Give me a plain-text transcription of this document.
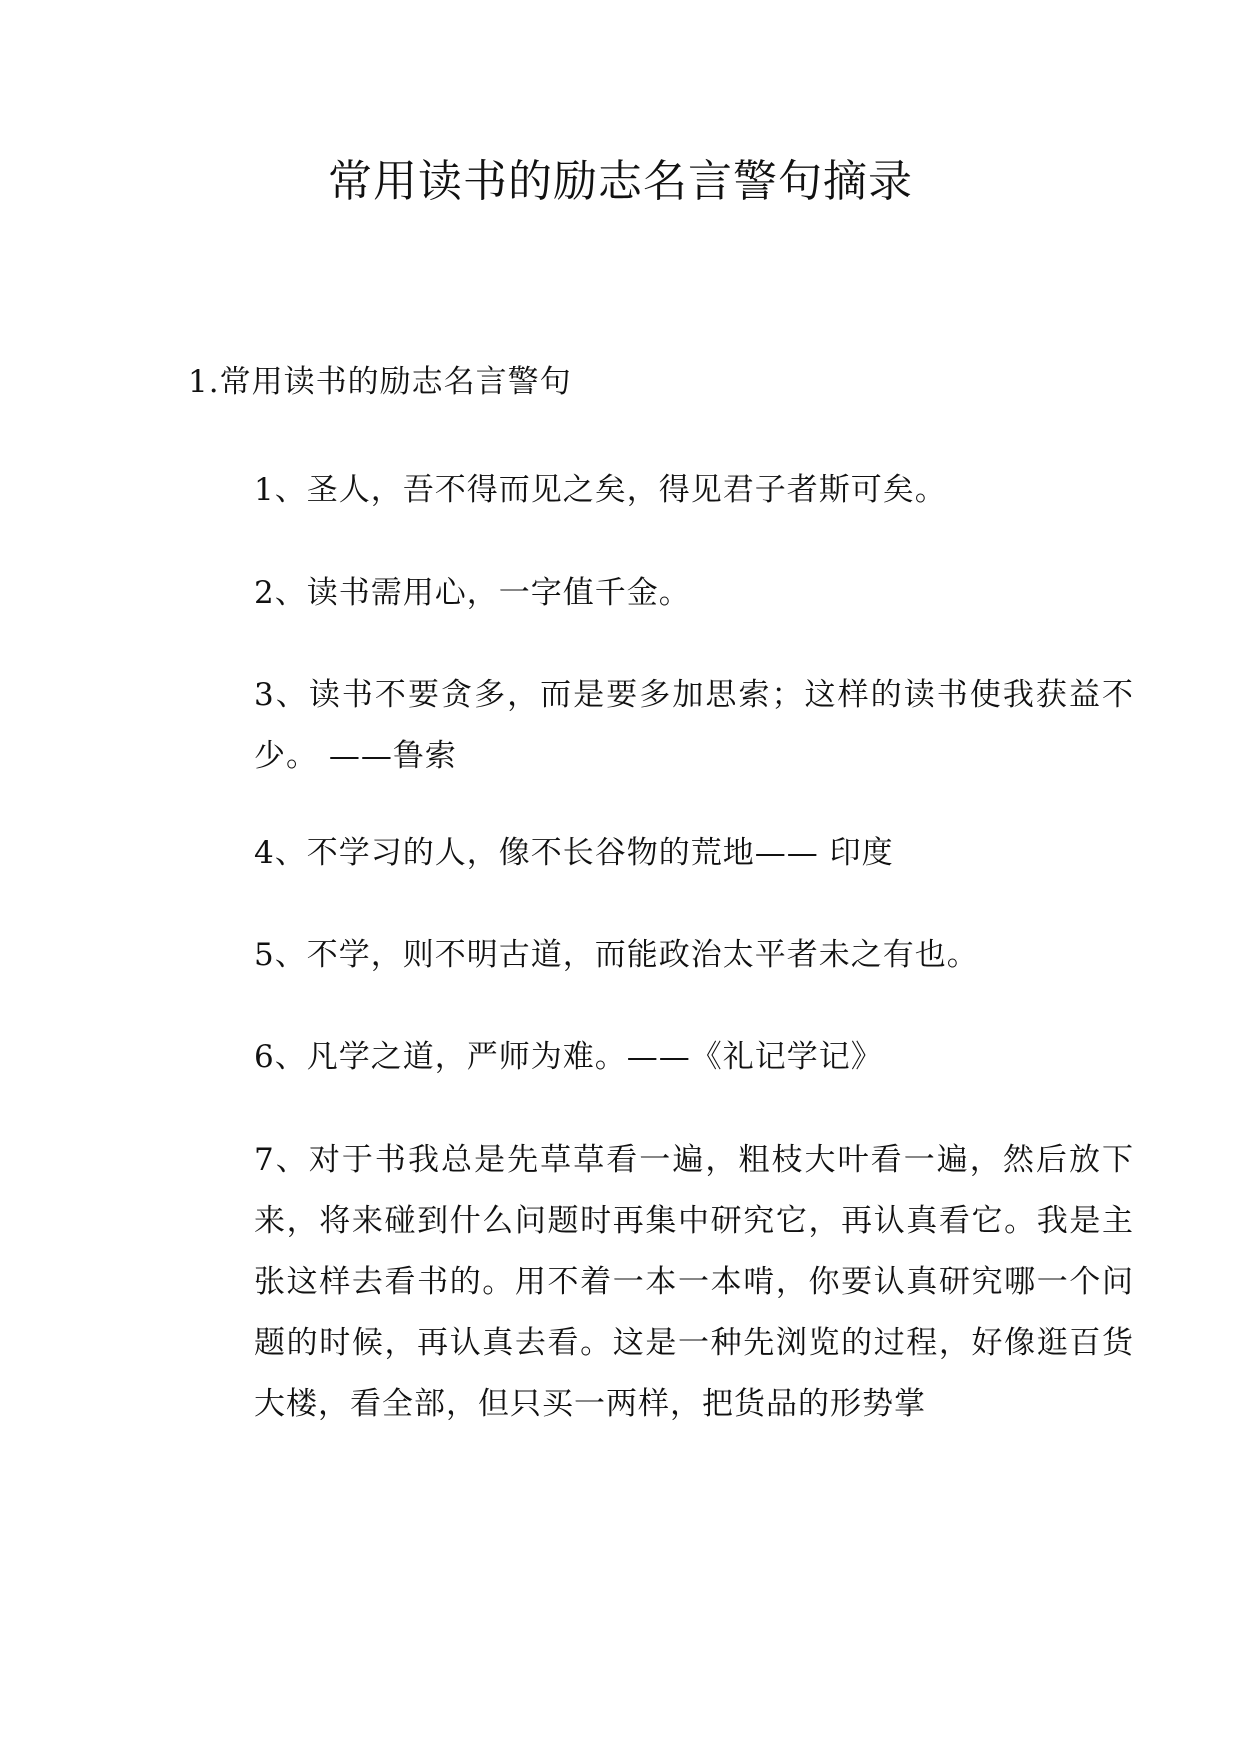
常用读书的励志名言警句摘录

1.常用读书的励志名言警句

1、圣人，吾不得而见之矣，得见君子者斯可矣。

2、读书需用心，一字值千金。

3、读书不要贪多，而是要多加思索；这样的读书使我获益不少。 ——鲁索

4、不学习的人，像不长谷物的荒地—— 印度

5、不学，则不明古道，而能政治太平者未之有也。

6、凡学之道，严师为难。——《礼记学记》

7、对于书我总是先草草看一遍，粗枝大叶看一遍，然后放下来，将来碰到什么问题时再集中研究它，再认真看它。我是主张这样去看书的。用不着一本一本啃，你要认真研究哪一个问题的时候，再认真去看。这是一种先浏览的过程，好像逛百货大楼，看全部，但只买一两样，把货品的形势掌
